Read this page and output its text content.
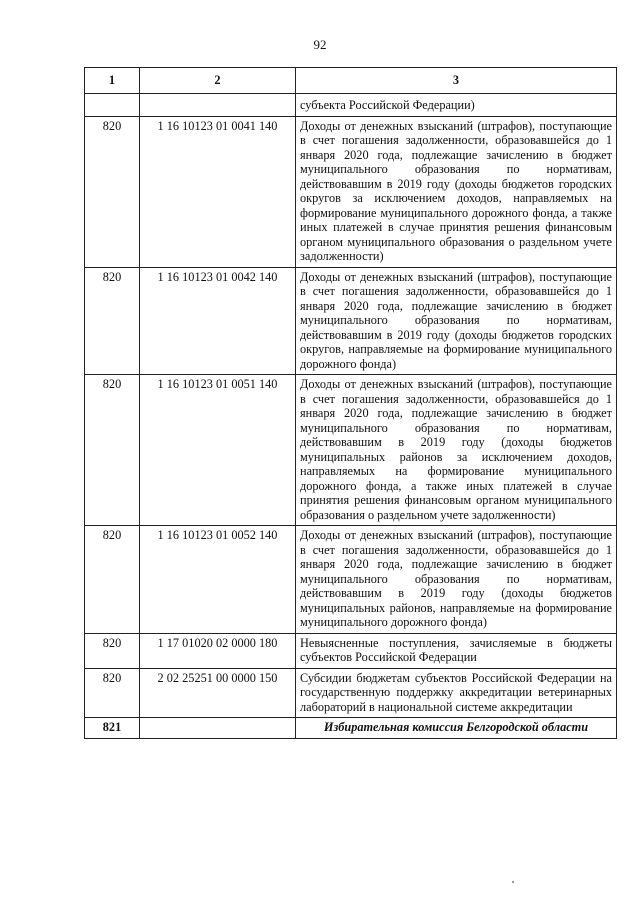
92
1	2	3
		субъекта Российской Федерации)
820	1 16 10123 01 0041 140	Доходы от денежных взысканий (штрафов), поступающие в счет погашения задолженности, образовавшейся до 1 января 2020 года, подлежащие зачислению в бюджет муниципального образования по нормативам, действовавшим в 2019 году (доходы бюджетов городских округов за исключением доходов, направляемых на формирование муниципального дорожного фонда, а также иных платежей в случае принятия решения финансовым органом муниципального образования о раздельном учете задолженности)
820	1 16 10123 01 0042 140	Доходы от денежных взысканий (штрафов), поступающие в счет погашения задолженности, образовавшейся до 1 января 2020 года, подлежащие зачислению в бюджет муниципального образования по нормативам, действовавшим в 2019 году (доходы бюджетов городских округов, направляемые на формирование муниципального дорожного фонда)
820	1 16 10123 01 0051 140	Доходы от денежных взысканий (штрафов), поступающие в счет погашения задолженности, образовавшейся до 1 января 2020 года, подлежащие зачислению в бюджет муниципального образования по нормативам, действовавшим в 2019 году (доходы бюджетов муниципальных районов за исключением доходов, направляемых на формирование муниципального дорожного фонда, а также иных платежей в случае принятия решения финансовым органом муниципального образования о раздельном учете задолженности)
820	1 16 10123 01 0052 140	Доходы от денежных взысканий (штрафов), поступающие в счет погашения задолженности, образовавшейся до 1 января 2020 года, подлежащие зачислению в бюджет муниципального образования по нормативам, действовавшим в 2019 году (доходы бюджетов муниципальных районов, направляемые на формирование муниципального дорожного фонда)
820	1 17 01020 02 0000 180	Невыясненные поступления, зачисляемые в бюджеты субъектов Российской Федерации
820	2 02 25251 00 0000 150	Субсидии бюджетам субъектов Российской Федерации на государственную поддержку аккредитации ветеринарных лабораторий в национальной системе аккредитации
821		Избирательная комиссия Белгородской области
